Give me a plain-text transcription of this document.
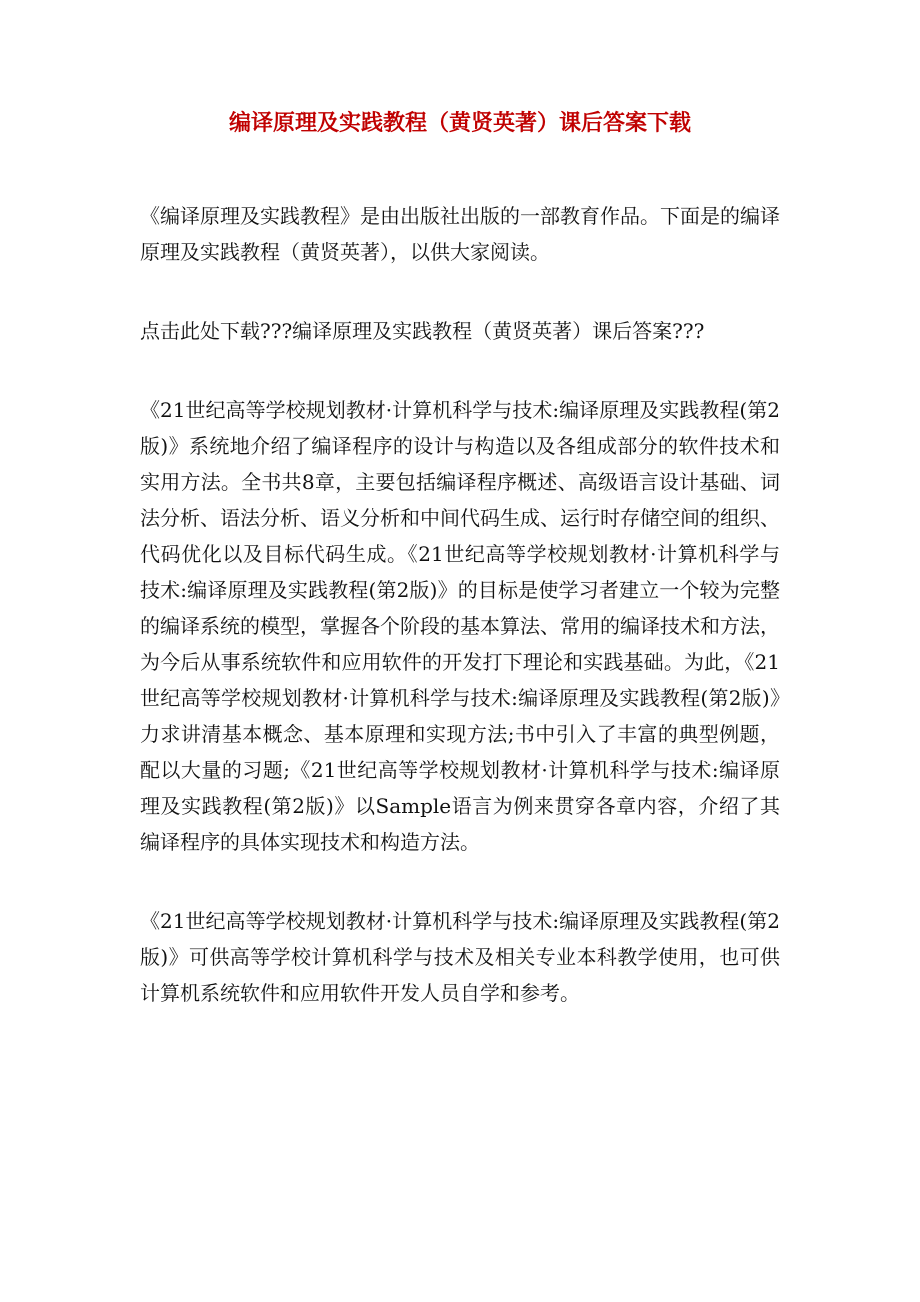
编译原理及实践教程（黄贤英著）课后答案下载

《编译原理及实践教程》是由出版社出版的一部教育作品。下面是的编译原理及实践教程（黄贤英著），以供大家阅读。

点击此处下载???编译原理及实践教程（黄贤英著）课后答案???

《21世纪高等学校规划教材·计算机科学与技术:编译原理及实践教程(第2版)》系统地介绍了编译程序的设计与构造以及各组成部分的软件技术和实用方法。全书共8章，主要包括编译程序概述、高级语言设计基础、词法分析、语法分析、语义分析和中间代码生成、运行时存储空间的组织、代码优化以及目标代码生成。《21世纪高等学校规划教材·计算机科学与技术:编译原理及实践教程(第2版)》的目标是使学习者建立一个较为完整的编译系统的模型，掌握各个阶段的基本算法、常用的编译技术和方法，为今后从事系统软件和应用软件的开发打下理论和实践基础。为此，《21世纪高等学校规划教材·计算机科学与技术:编译原理及实践教程(第2版)》力求讲清基本概念、基本原理和实现方法;书中引入了丰富的典型例题，配以大量的习题;《21世纪高等学校规划教材·计算机科学与技术:编译原理及实践教程(第2版)》以Sample语言为例来贯穿各章内容，介绍了其编译程序的具体实现技术和构造方法。

《21世纪高等学校规划教材·计算机科学与技术:编译原理及实践教程(第2版)》可供高等学校计算机科学与技术及相关专业本科教学使用，也可供计算机系统软件和应用软件开发人员自学和参考。
